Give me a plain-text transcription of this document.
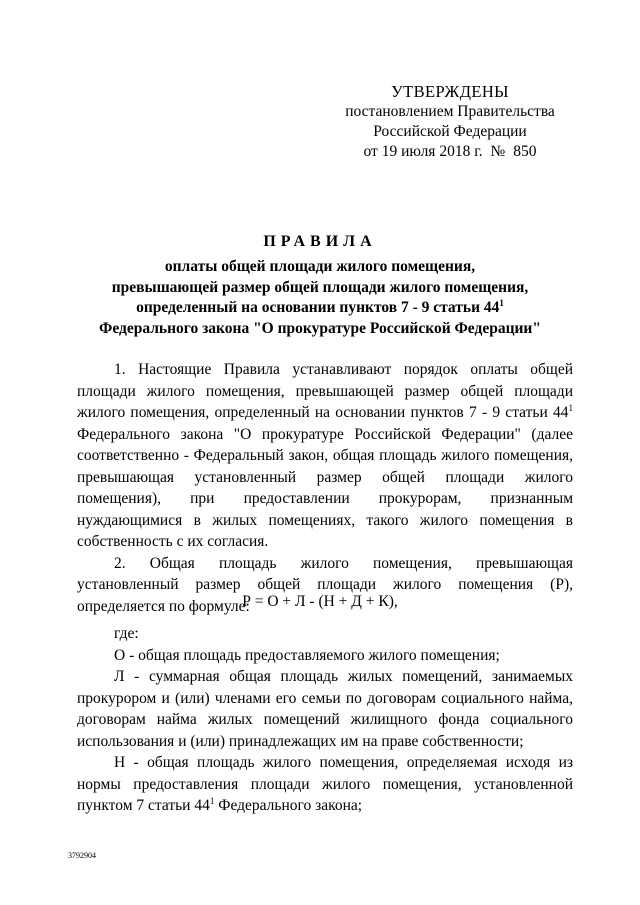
УТВЕРЖДЕНЫ
постановлением Правительства
Российской Федерации
от 19 июля 2018 г. № 850
ПРАВИЛА
оплаты общей площади жилого помещения,
превышающей размер общей площади жилого помещения,
определенный на основании пунктов 7 - 9 статьи $44^1$
Федерального закона "О прокуратуре Российской Федерации"

1. Настоящие Правила устанавливают порядок оплаты общей площади жилого помещения, превышающей размер общей площади жилого помещения, определенный на основании пунктов 7 - 9 статьи $44^1$ Федерального закона "О прокуратуре Российской Федерации" (далее соответственно - Федеральный закон, общая площадь жилого помещения, превышающая установленный размер общей площади жилого помещения), при предоставлении прокурорам, признанным нуждающимися в жилых помещениях, такого жилого помещения в собственность с их согласия.

2. Общая площадь жилого помещения, превышающая установленный размер общей площади жилого помещения (Р), определяется по формуле:

Р = О + Л - (Н + Д + К),

где:

О - общая площадь предоставляемого жилого помещения;

Л - суммарная общая площадь жилых помещений, занимаемых прокурором и (или) членами его семьи по договорам социального найма, договорам найма жилых помещений жилищного фонда социального использования и (или) принадлежащих им на праве собственности;

Н - общая площадь жилого помещения, определяемая исходя из нормы предоставления площади жилого помещения, установленной пунктом 7 статьи $44^1$ Федерального закона;

3792904
